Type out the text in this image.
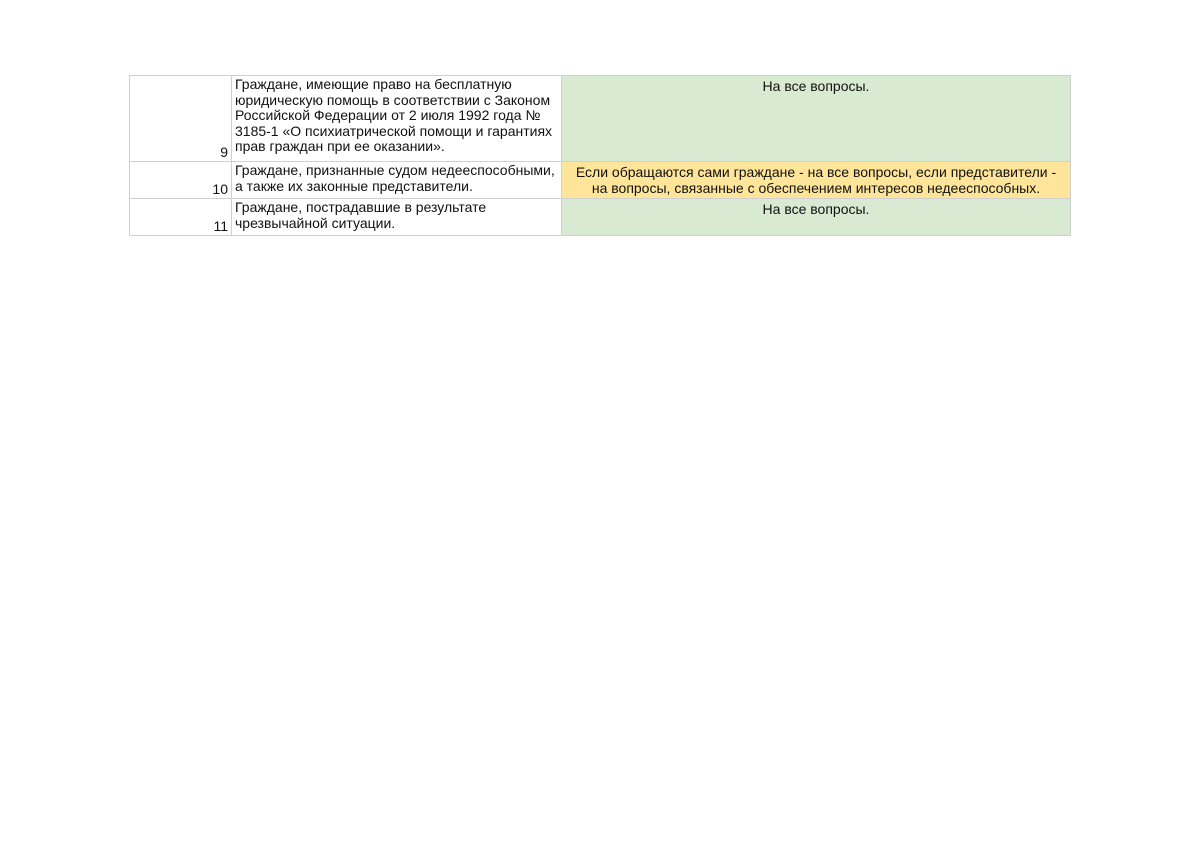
9	Граждане, имеющие право на бесплатную
юридическую помощь в соответствии с Законом
Российской Федерации от 2 июля 1992 года №
3185-1 «О психиатрической помощи и гарантиях
прав граждан при ее оказании».	На все вопросы.
10	Граждане, признанные судом недееспособными,
а также их законные представители.	Если обращаются сами граждане - на все вопросы, если представители -
на вопросы, связанные с обеспечением интересов недееспособных.
11	Граждане, пострадавшие в результате
чрезвычайной ситуации.	На все вопросы.
